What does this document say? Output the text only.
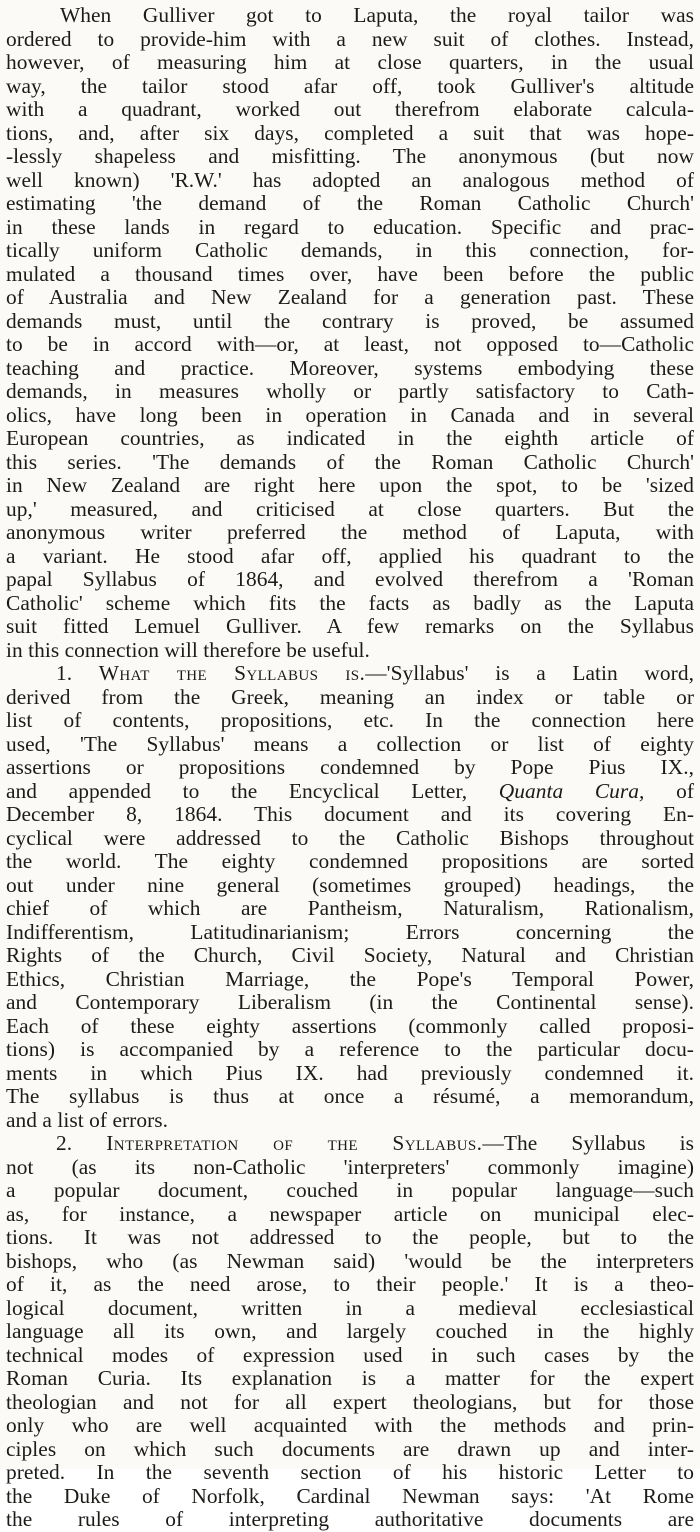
When Gulliver got to Laputa, the royal tailor was
ordered to provide-him with a new suit of clothes. Instead,
however, of measuring him at close quarters, in the usual
way, the tailor stood afar off, took Gulliver's altitude
with a quadrant, worked out therefrom elaborate calcula-
tions, and, after six days, completed a suit that was hope-
-lessly shapeless and misfitting. The anonymous (but now
well known) 'R.W.' has adopted an analogous method of
estimating 'the demand of the Roman Catholic Church'
in these lands in regard to education. Specific and prac-
tically uniform Catholic demands, in this connection, for-
mulated a thousand times over, have been before the public
of Australia and New Zealand for a generation past. These
demands must, until the contrary is proved, be assumed
to be in accord with—or, at least, not opposed to—Catholic
teaching and practice. Moreover, systems embodying these
demands, in measures wholly or partly satisfactory to Cath-
olics, have long been in operation in Canada and in several
European countries, as indicated in the eighth article of
this series. 'The demands of the Roman Catholic Church'
in New Zealand are right here upon the spot, to be 'sized
up,' measured, and criticised at close quarters. But the
anonymous writer preferred the method of Laputa, with
a variant. He stood afar off, applied his quadrant to the
papal Syllabus of 1864, and evolved therefrom a 'Roman
Catholic' scheme which fits the facts as badly as the Laputa
suit fitted Lemuel Gulliver. A few remarks on the Syllabus
in this connection will therefore be useful.
1. What the Syllabus is.—'Syllabus' is a Latin word,
derived from the Greek, meaning an index or table or
list of contents, propositions, etc. In the connection here
used, 'The Syllabus' means a collection or list of eighty
assertions or propositions condemned by Pope Pius IX.,
and appended to the Encyclical Letter, Quanta Cura, of
December 8, 1864. This document and its covering En-
cyclical were addressed to the Catholic Bishops throughout
the world. The eighty condemned propositions are sorted
out under nine general (sometimes grouped) headings, the
chief of which are Pantheism, Naturalism, Rationalism,
Indifferentism, Latitudinarianism; Errors concerning the
Rights of the Church, Civil Society, Natural and Christian
Ethics, Christian Marriage, the Pope's Temporal Power,
and Contemporary Liberalism (in the Continental sense).
Each of these eighty assertions (commonly called proposi-
tions) is accompanied by a reference to the particular docu-
ments in which Pius IX. had previously condemned it.
The syllabus is thus at once a résumé, a memorandum,
and a list of errors.
2. Interpretation of the Syllabus.—The Syllabus is
not (as its non-Catholic 'interpreters' commonly imagine)
a popular document, couched in popular language—such
as, for instance, a newspaper article on municipal elec-
tions. It was not addressed to the people, but to the
bishops, who (as Newman said) 'would be the interpreters
of it, as the need arose, to their people.' It is a theo-
logical document, written in a medieval ecclesiastical
language all its own, and largely couched in the highly
technical modes of expression used in such cases by the
Roman Curia. Its explanation is a matter for the expert
theologian and not for all expert theologians, but for those
only who are well acquainted with the methods and prin-
ciples on which such documents are drawn up and inter-
preted. In the seventh section of his historic Letter to
the Duke of Norfolk, Cardinal Newman says: 'At Rome
the rules of interpreting authoritative documents are
